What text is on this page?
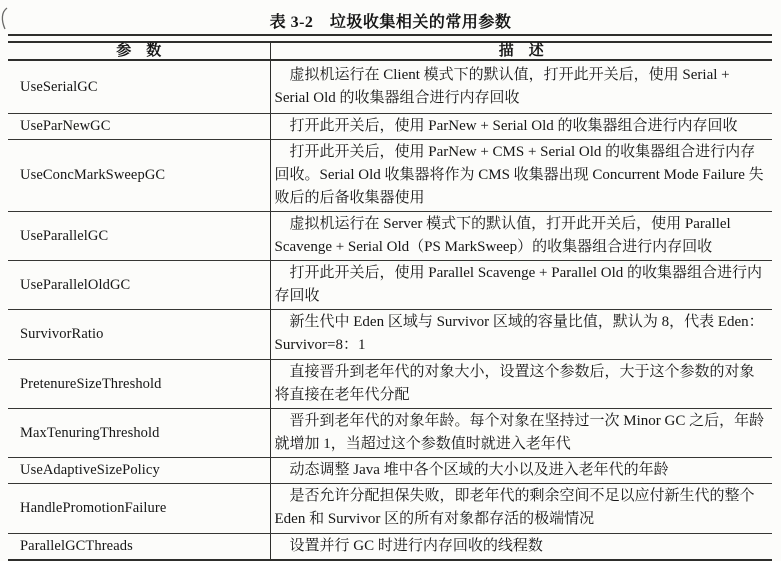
表 3-2　垃圾收集相关的常用参数
参　数	描　述
UseSerialGC	虚拟机运行在 Client 模式下的默认值，打开此开关后，使用 Serial + Serial Old 的收集器组合进行内存回收

UseParNewGC	打开此开关后，使用 ParNew + Serial Old 的收集器组合进行内存回收

UseConcMarkSweepGC	打开此开关后，使用 ParNew + CMS + Serial Old 的收集器组合进行内存回收。Serial Old 收集器将作为 CMS 收集器出现 Concurrent Mode Failure 失败后的后备收集器使用

UseParallelGC	虚拟机运行在 Server 模式下的默认值，打开此开关后，使用 Parallel Scavenge + Serial Old（PS MarkSweep）的收集器组合进行内存回收

UseParallelOldGC	打开此开关后，使用 Parallel Scavenge + Parallel Old 的收集器组合进行内存回收

SurvivorRatio	新生代中 Eden 区域与 Survivor 区域的容量比值，默认为 8，代表 Eden：Survivor=8：1

PretenureSizeThreshold	直接晋升到老年代的对象大小，设置这个参数后，大于这个参数的对象将直接在老年代分配

MaxTenuringThreshold	晋升到老年代的对象年龄。每个对象在坚持过一次 Minor GC 之后，年龄就增加 1，当超过这个参数值时就进入老年代

UseAdaptiveSizePolicy	动态调整 Java 堆中各个区域的大小以及进入老年代的年龄

HandlePromotionFailure	是否允许分配担保失败，即老年代的剩余空间不足以应付新生代的整个 Eden 和 Survivor 区的所有对象都存活的极端情况

ParallelGCThreads	设置并行 GC 时进行内存回收的线程数
